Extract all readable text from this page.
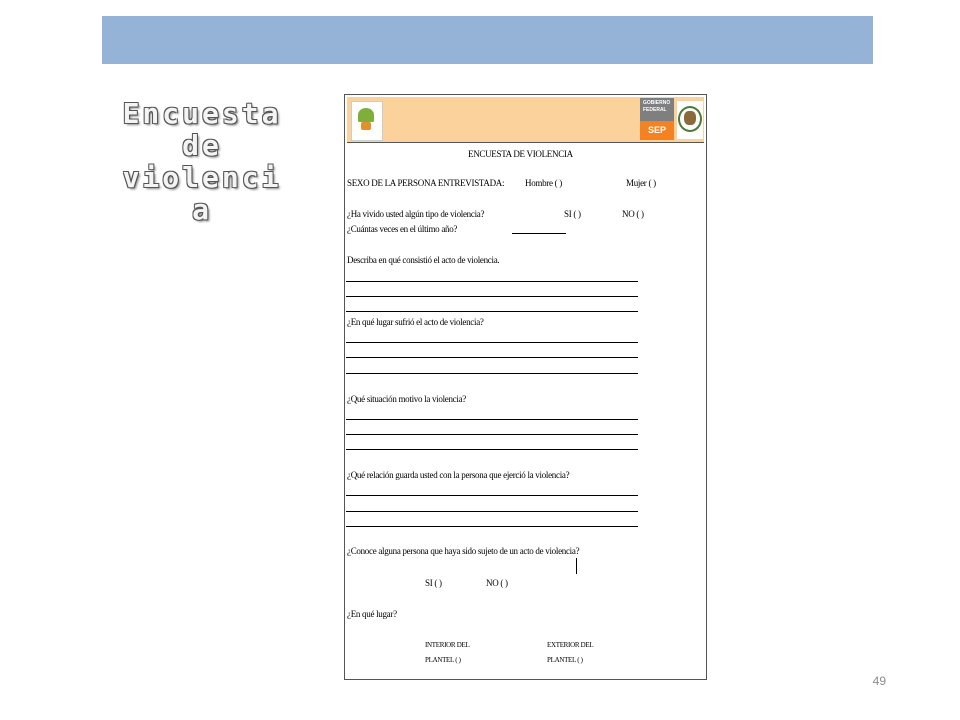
Encuesta
de
violenci
a
GOBIERNO
FEDERAL
SEP
ENCUESTA DE VIOLENCIA
SEXO DE LA PERSONA ENTREVISTADA: Hombre ( )	Mujer ( )
¿Ha vivido usted algún tipo de violencia?	SI ( )	NO ( )
¿Cuántas veces en el último año?
Describa en qué consistió el acto de violencia.
¿En qué lugar sufrió el acto de violencia?
¿Qué situación motivo la violencia?
¿Qué relación guarda usted con la persona que ejerció la violencia?
¿Conoce alguna persona que haya sido sujeto de un acto de violencia?
SI ( )	NO ( )
¿En qué lugar?
INTERIOR DEL
PLANTEL ( )
EXTERIOR DEL
PLANTEL ( )
49
